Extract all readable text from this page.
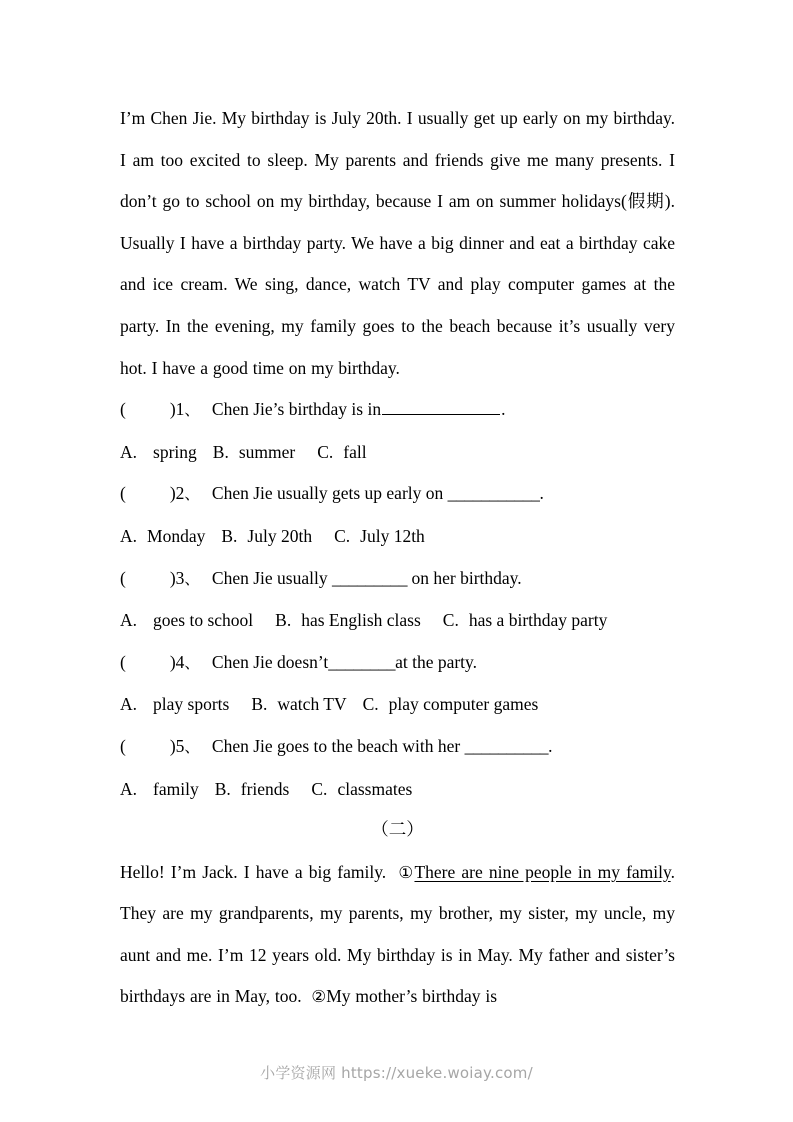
I’m Chen Jie. My birthday is July 20th. I usually get up early on my birthday. I am too excited to sleep. My parents and friends give me many presents. I don’t go to school on my birthday, because I am on summer holidays(假期). Usually I have a birthday party. We have a big dinner and eat a birthday cake and ice cream. We sing, dance, watch TV and play computer games at the party. In the evening, my family goes to the beach because it’s usually very hot. I have a good time on my birthday.

(	)1、 Chen Jie’s birthday is in	.

A. spring B. summer C. fall

(	)2、 Chen Jie usually gets up early on ___________.

A. Monday B. July 20th C. July 12th

(	)3、 Chen Jie usually _________ on her birthday.

A. goes to school B. has English class C. has a birthday party

(	)4、 Chen Jie doesn’t________at the party.

A. play sports B. watch TV C. play computer games

(	)5、 Chen Jie goes to the beach with her __________.

A. family B. friends C. classmates

（二）

Hello! I’m Jack. I have a big family. ①There are nine people in my family. They are my grandparents, my parents, my brother, my sister, my uncle, my aunt and me. I’m 12 years old. My birthday is in May. My father and sister’s birthdays are in May, too. ②My mother’s birthday is

小学资源网 https://xueke.woiay.com/
